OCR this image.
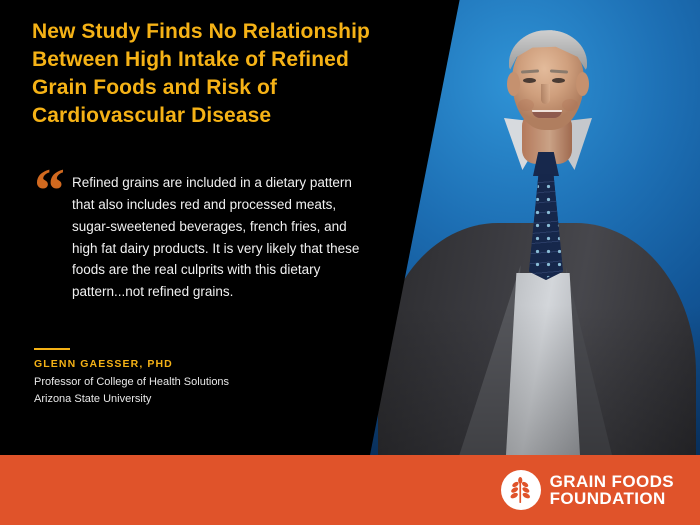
New Study Finds No Relationship Between High Intake of Refined Grain Foods and Risk of Cardiovascular Disease
“ Refined grains are included in a dietary pattern that also includes red and processed meats, sugar-sweetened beverages, french fries, and high fat dairy products. It is very likely that these foods are the real culprits with this dietary pattern...not refined grains.
GLENN GAESSER, PHD
Professor of College of Health Solutions
Arizona State University
GRAIN FOODS
FOUNDATION
